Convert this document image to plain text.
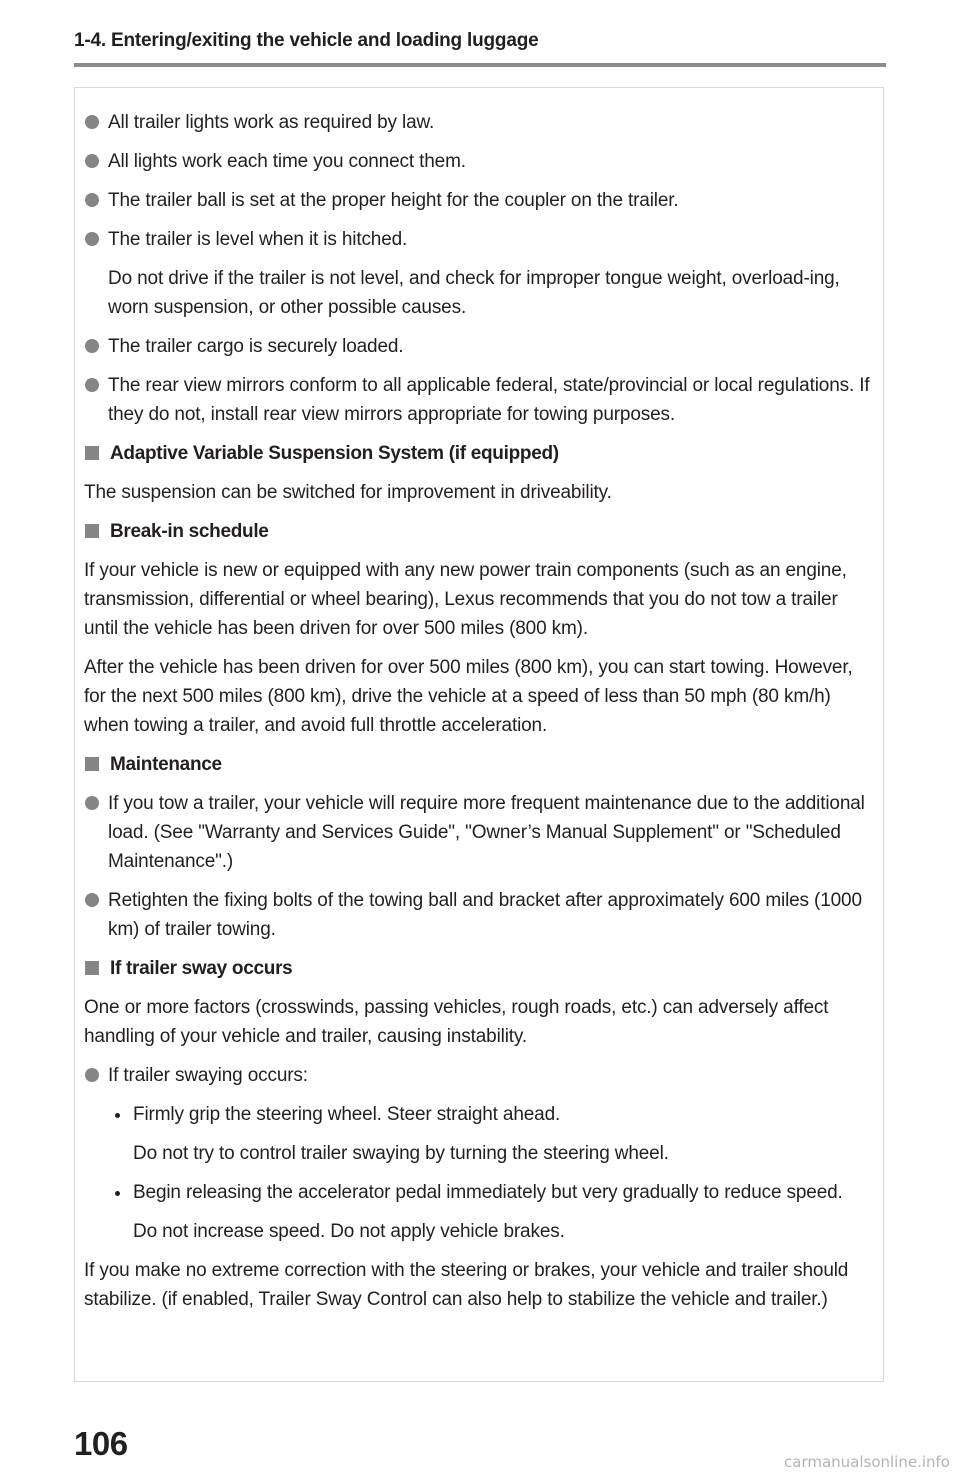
1-4. Entering/exiting the vehicle and loading luggage
All trailer lights work as required by law.
All lights work each time you connect them.
The trailer ball is set at the proper height for the coupler on the trailer.
The trailer is level when it is hitched.
Do not drive if the trailer is not level, and check for improper tongue weight, overload-ing, worn suspension, or other possible causes.
The trailer cargo is securely loaded.
The rear view mirrors conform to all applicable federal, state/provincial or local regulations. If they do not, install rear view mirrors appropriate for towing purposes.
Adaptive Variable Suspension System (if equipped)
The suspension can be switched for improvement in driveability.
Break-in schedule
If your vehicle is new or equipped with any new power train components (such as an engine, transmission, differential or wheel bearing), Lexus recommends that you do not tow a trailer until the vehicle has been driven for over 500 miles (800 km).
After the vehicle has been driven for over 500 miles (800 km), you can start towing. However, for the next 500 miles (800 km), drive the vehicle at a speed of less than 50 mph (80 km/h) when towing a trailer, and avoid full throttle acceleration.
Maintenance
If you tow a trailer, your vehicle will require more frequent maintenance due to the additional load. (See "Warranty and Services Guide", "Owner’s Manual Supplement" or "Scheduled Maintenance".)
Retighten the fixing bolts of the towing ball and bracket after approximately 600 miles (1000 km) of trailer towing.
If trailer sway occurs
One or more factors (crosswinds, passing vehicles, rough roads, etc.) can adversely affect handling of your vehicle and trailer, causing instability.
If trailer swaying occurs:
Firmly grip the steering wheel. Steer straight ahead.
Do not try to control trailer swaying by turning the steering wheel.
Begin releasing the accelerator pedal immediately but very gradually to reduce speed.
Do not increase speed. Do not apply vehicle brakes.
If you make no extreme correction with the steering or brakes, your vehicle and trailer should stabilize. (if enabled, Trailer Sway Control can also help to stabilize the vehicle and trailer.)
106	carmanualsonline.info
